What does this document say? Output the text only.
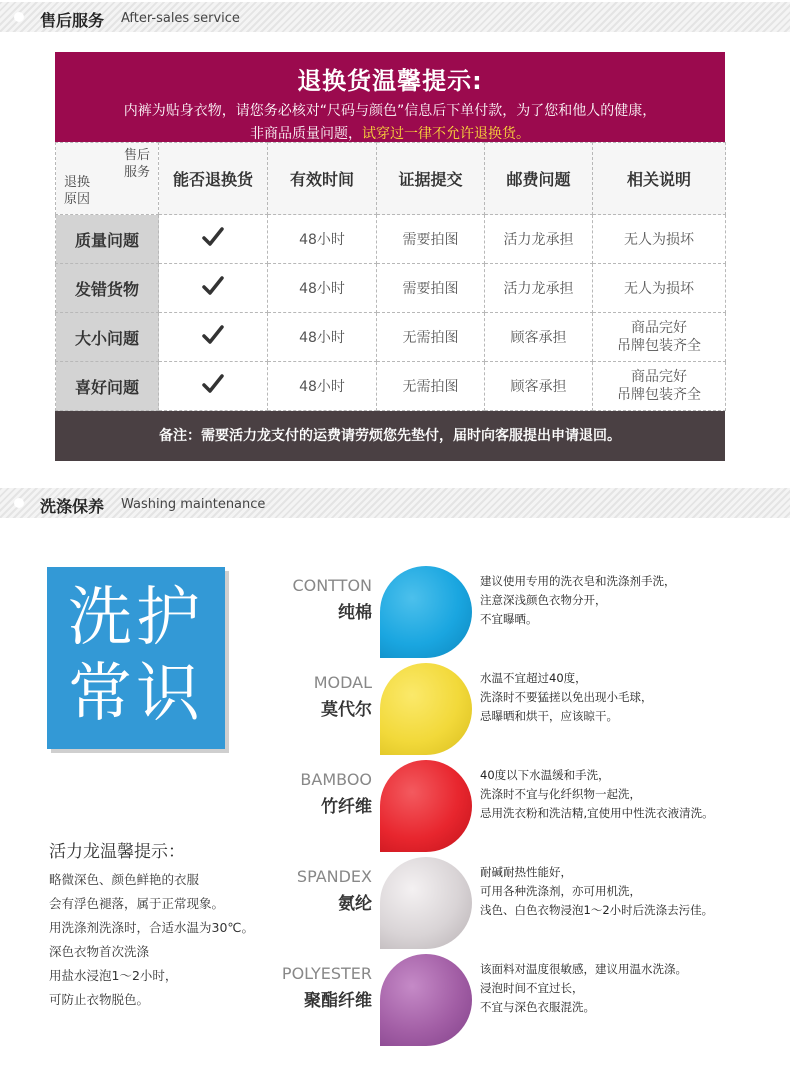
售后服务 After-sales service
退换货温馨提示:
内裤为贴身衣物，请您务必核对“尺码与颜色”信息后下单付款，为了您和他人的健康，
非商品质量问题，试穿过一律不允许退换货。
售后
服务
退换
原因	能否退换货	有效时间	证据提交	邮费问题	相关说明
质量问题		48小时	需要拍图	活力龙承担	无人为损坏
发错货物		48小时	需要拍图	活力龙承担	无人为损坏
大小问题		48小时	无需拍图	顾客承担	商品完好
吊牌包装齐全
喜好问题		48小时	无需拍图	顾客承担	商品完好
吊牌包装齐全
备注：需要活力龙支付的运费请劳烦您先垫付，届时向客服提出申请退回。
洗涤保养 Washing maintenance
洗护
常识
活力龙温馨提示：
略微深色、颜色鲜艳的衣服
会有浮色褪落，属于正常现象。
用洗涤剂洗涤时，合适水温为30℃。
深色衣物首次洗涤
用盐水浸泡1～2小时，
可防止衣物脱色。
CONTTON
纯棉
建议使用专用的洗衣皂和洗涤剂手洗，
注意深浅颜色衣物分开，
不宜曝晒。
MODAL
莫代尔
水温不宜超过40度，
洗涤时不要猛搓以免出现小毛球，
忌曝晒和烘干，应该晾干。
BAMBOO
竹纤维
40度以下水温缓和手洗，
洗涤时不宜与化纤织物一起洗，
忌用洗衣粉和洗洁精,宜使用中性洗衣液清洗。
SPANDEX
氨纶
耐碱耐热性能好，
可用各种洗涤剂，亦可用机洗，
浅色、白色衣物浸泡1～2小时后洗涤去污佳。
POLYESTER
聚酯纤维
该面料对温度很敏感，建议用温水洗涤。
浸泡时间不宜过长，
不宜与深色衣服混洗。
